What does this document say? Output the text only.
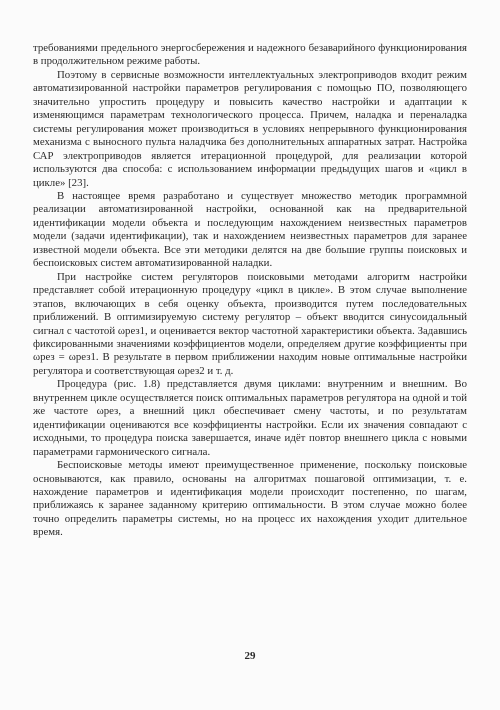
требованиями предельного энергосбережения и надежного безаварийного функционирования в продолжительном режиме работы.

Поэтому в сервисные возможности интеллектуальных электроприводов входит режим автоматизированной настройки параметров регулирования с помощью ПО, позволяющего значительно упростить процедуру и повысить качество настройки и адаптации к изменяющимся параметрам технологического процесса. Причем, наладка и переналадка системы регулирования может производиться в условиях непрерывного функционирования механизма с выносного пульта наладчика без дополнительных аппаратных затрат. Настройка САР электроприводов является итерационной процедурой, для реализации которой используются два способа: с использованием информации предыдущих шагов и «цикл в цикле» [23].

В настоящее время разработано и существует множество методик программной реализации автоматизированной настройки, основанной как на предварительной идентификации модели объекта и последующим нахождением неизвестных параметров модели (задачи идентификации), так и нахождением неизвестных параметров для заранее известной модели объекта. Все эти методики делятся на две большие группы поисковых и беспоисковых систем автоматизированной наладки.

При настройке систем регуляторов поисковыми методами алгоритм настройки представляет собой итерационную процедуру «цикл в цикле». В этом случае выполнение этапов, включающих в себя оценку объекта, производится путем последовательных приближений. В оптимизируемую систему регулятор – объект вводится синусоидальный сигнал с частотой ωрез1, и оценивается вектор частотной характеристики объекта. Задавшись фиксированными значениями коэффициентов модели, определяем другие коэффициенты при ωрез = ωрез1. В результате в первом приближении находим новые оптимальные настройки регулятора и соответствующая ωрез2 и т. д.

Процедура (рис. 1.8) представляется двумя циклами: внутренним и внешним. Во внутреннем цикле осуществляется поиск оптимальных параметров регулятора на одной и той же частоте ωрез, а внешний цикл обеспечивает смену частоты, и по результатам идентификации оцениваются все коэффициенты настройки. Если их значения совпадают с исходными, то процедура поиска завершается, иначе идёт повтор внешнего цикла с новыми параметрами гармонического сигнала.

Беспоисковые методы имеют преимущественное применение, поскольку поисковые основываются, как правило, основаны на алгоритмах пошаговой оптимизации, т. е. нахождение параметров и идентификация модели происходит постепенно, по шагам, приближаясь к заранее заданному критерию оптимальности. В этом случае можно более точно определить параметры системы, но на процесс их нахождения уходит длительное время.

29
